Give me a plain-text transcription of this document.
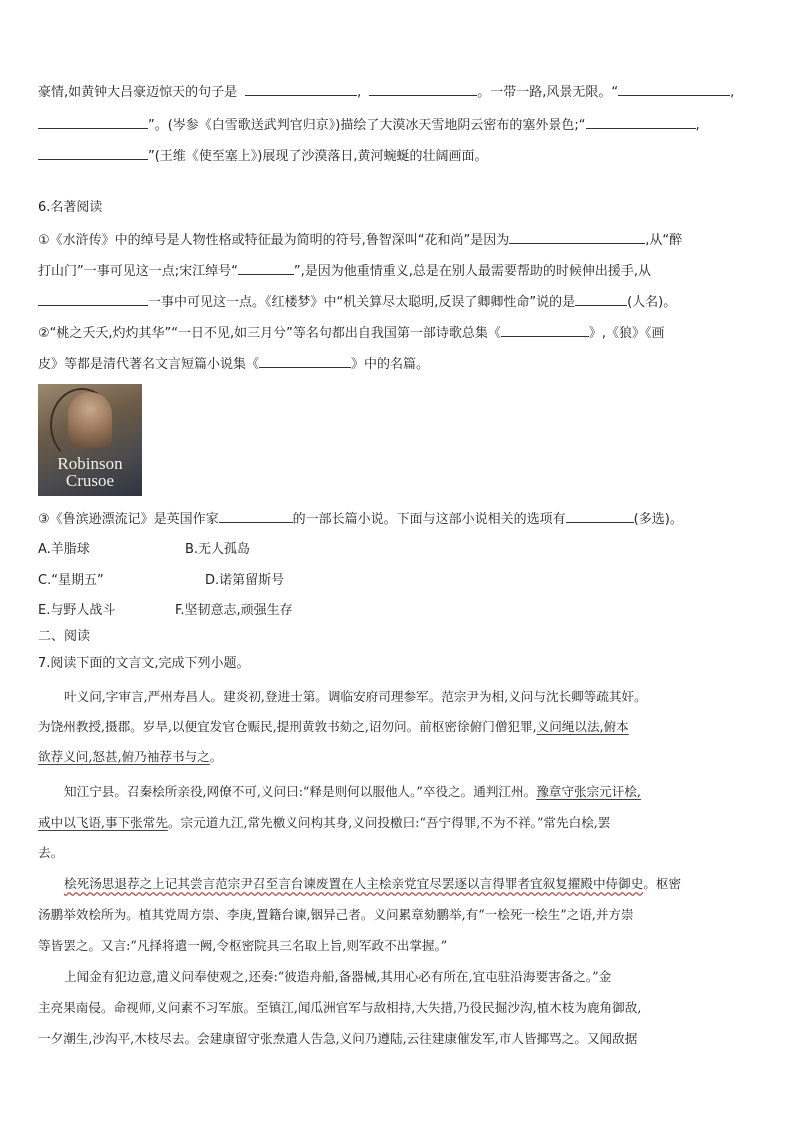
豪情,如黄钟大吕豪迈惊天的句子是	,	。一带一路,风景无限。“	,
”。(岑参《白雪歌送武判官归京》)描绘了大漠冰天雪地阴云密布的塞外景色;“	,
”(王维《使至塞上》)展现了沙漠落日,黄河蜿蜒的壮阔画面。
6.名著阅读
①《水浒传》中的绰号是人物性格或特征最为简明的符号,鲁智深叫“花和尚”是因为	,从“醉
打山门”一事可见这一点;宋江绰号“	”,是因为他重情重义,总是在别人最需要帮助的时候伸出援手,从
一事中可见这一点。《红楼梦》中“机关算尽太聪明,反误了卿卿性命”说的是	(人名)。
②“桃之夭夭,灼灼其华”“一日不见,如三月兮”等名句都出自我国第一部诗歌总集《	》,《狼》《画
皮》等都是清代著名文言短篇小说集《	》中的名篇。
Robinson
Crusoe
③《鲁滨逊漂流记》是英国作家	的一部长篇小说。下面与这部小说相关的选项有	(多选)。
A.羊脂球	B.无人孤岛
C.“星期五”	D.诺第留斯号
E.与野人战斗	F.坚韧意志,顽强生存
二、阅读
7.阅读下面的文言文,完成下列小题。
叶义问,字审言,严州寿昌人。建炎初,登进士第。调临安府司理参军。范宗尹为相,义问与沈长卿等疏其奸。
为饶州教授,摄郡。岁旱,以便宜发官仓赈民,提刑黄敦书劾之,诏勿问。前枢密徐俯门僧犯罪,义问绳以法,俯本
欲荐义问,怒甚,俯乃袖荐书与之。
知江宁县。召秦桧所亲役,网僚不可,义问曰:“释是则何以服他人。”卒役之。通判江州。豫章守张宗元讦桧,
戒中以飞语,事下张常先。宗元道九江,常先檄义问构其身,义问投檄曰:“吾宁得罪,不为不祥。”常先白桧,罢
去。
桧死汤思退荐之上记其尝言范宗尹召至言台谏废置在人主桧亲党宜尽罢逐以言得罪者宜叙复擢殿中侍御史。枢密
汤鹏举效桧所为。植其党周方崇、李庚,置籍台谏,铟异己者。义问累章劾鹏举,有“一桧死一桧生”之语,并方崇
等皆罢之。又言:“凡择将遣一阙,令枢密院具三名取上旨,则军政不出掌握。”
上闻金有犯边意,遣义问奉使观之,还奏:“彼造舟船,备器械,其用心必有所在,宜屯驻沿海要害备之。”金
主亮果南侵。命视师,义问素不习军旅。至镇江,闻瓜洲官军与敌相持,大失措,乃役民掘沙沟,植木枝为鹿角御敌,
一夕潮生,沙沟平,木枝尽去。会建康留守张焘遣人告急,义问乃遵陆,云往建康催发军,市人皆揶骂之。又闻敌据
